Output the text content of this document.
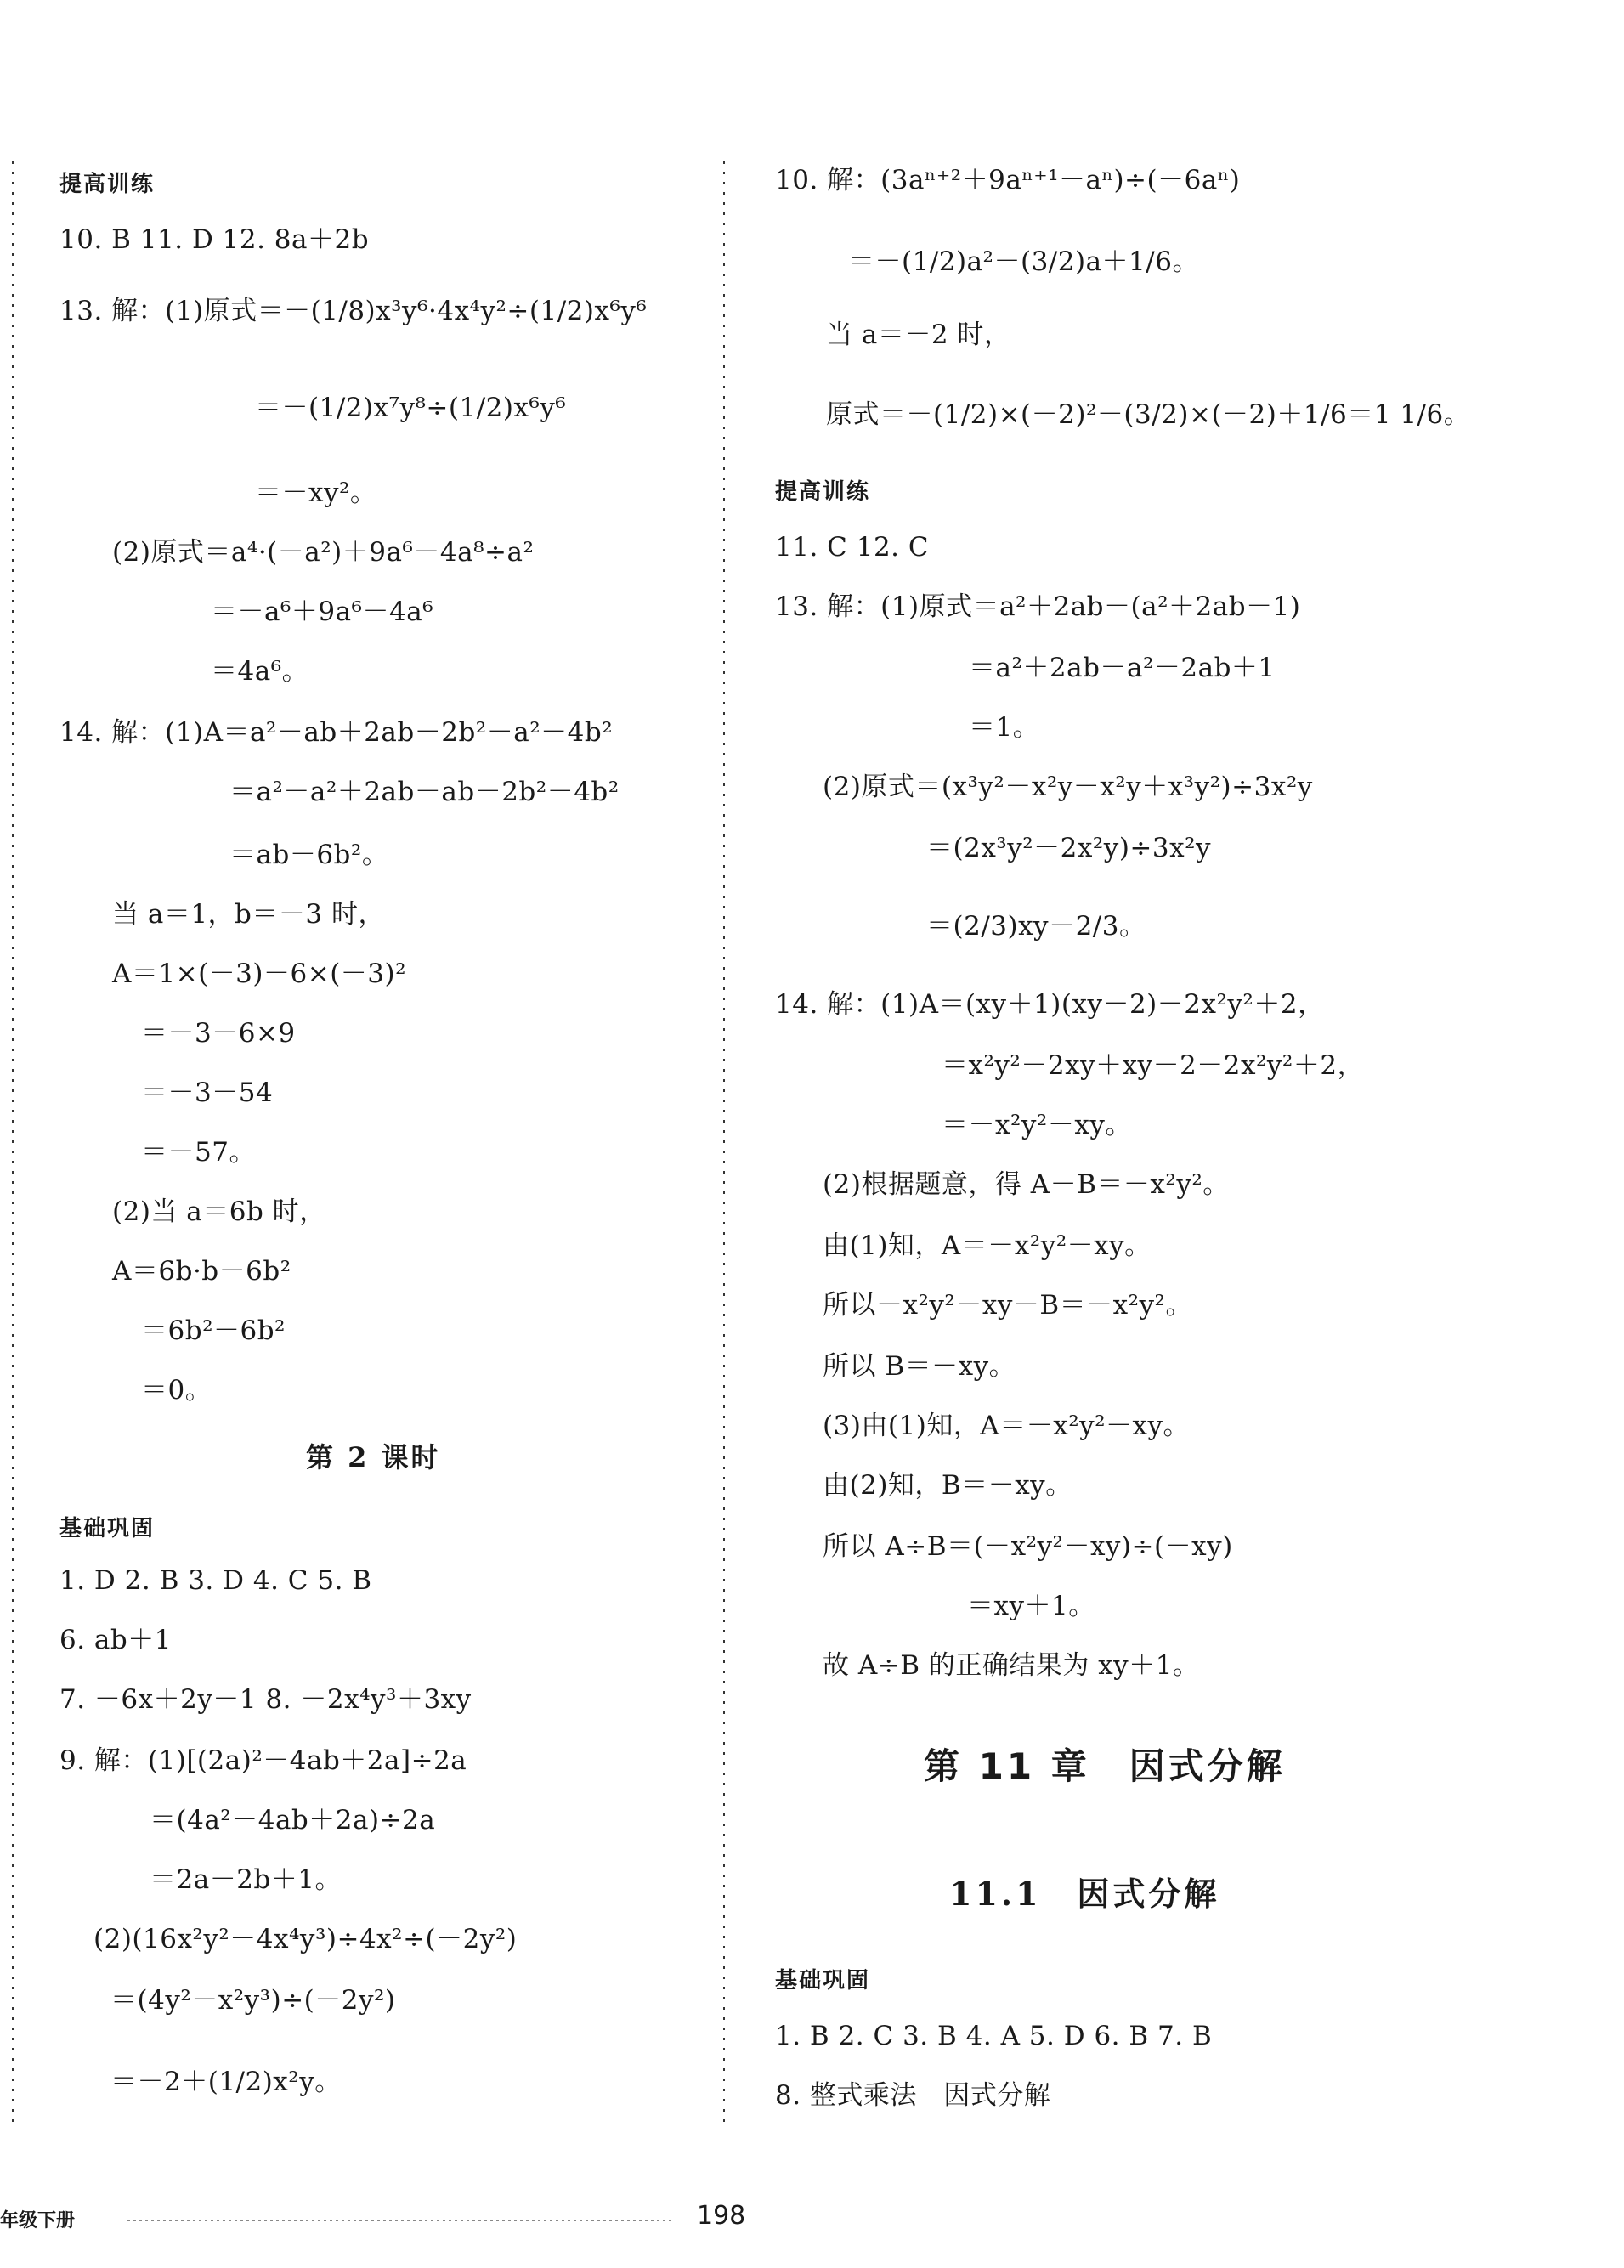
提高训练
10. B 11. D 12. 8a＋2b
13. 解：(1)原式＝－(1/8)x³y⁶·4x⁴y²÷(1/2)x⁶y⁶
＝－(1/2)x⁷y⁸÷(1/2)x⁶y⁶
＝－xy²。
(2)原式＝a⁴·(－a²)＋9a⁶－4a⁸÷a²
＝－a⁶＋9a⁶－4a⁶
＝4a⁶。
14. 解：(1)A＝a²－ab＋2ab－2b²－a²－4b²
＝a²－a²＋2ab－ab－2b²－4b²
＝ab－6b²。
当 a＝1，b＝－3 时，
A＝1×(－3)－6×(－3)²
＝－3－6×9
＝－3－54
＝－57。
(2)当 a＝6b 时，
A＝6b·b－6b²
＝6b²－6b²
＝0。
第 2 课时
基础巩固
1. D 2. B 3. D 4. C 5. B
6. ab＋1
7. －6x＋2y－1 8. －2x⁴y³＋3xy
9. 解：(1)[(2a)²－4ab＋2a]÷2a
＝(4a²－4ab＋2a)÷2a
＝2a－2b＋1。
(2)(16x²y²－4x⁴y³)÷4x²÷(－2y²)
＝(4y²－x²y³)÷(－2y²)
＝－2＋(1/2)x²y。
10. 解：(3aⁿ⁺²＋9aⁿ⁺¹－aⁿ)÷(－6aⁿ)
＝－(1/2)a²－(3/2)a＋1/6。
当 a＝－2 时，
原式＝－(1/2)×(－2)²－(3/2)×(－2)＋1/6＝1 1/6。
提高训练
11. C 12. C
13. 解：(1)原式＝a²＋2ab－(a²＋2ab－1)
＝a²＋2ab－a²－2ab＋1
＝1。
(2)原式＝(x³y²－x²y－x²y＋x³y²)÷3x²y
＝(2x³y²－2x²y)÷3x²y
＝(2/3)xy－2/3。
14. 解：(1)A＝(xy＋1)(xy－2)－2x²y²＋2，
＝x²y²－2xy＋xy－2－2x²y²＋2，
＝－x²y²－xy。
(2)根据题意，得 A－B＝－x²y²。
由(1)知，A＝－x²y²－xy。
所以－x²y²－xy－B＝－x²y²。
所以 B＝－xy。
(3)由(1)知，A＝－x²y²－xy。
由(2)知，B＝－xy。
所以 A÷B＝(－x²y²－xy)÷(－xy)
＝xy＋1。
故 A÷B 的正确结果为 xy＋1。
第 11 章　因式分解
11.1　因式分解
基础巩固
1. B 2. C 3. B 4. A 5. D 6. B 7. B
8. 整式乘法　因式分解
年级下册	198
